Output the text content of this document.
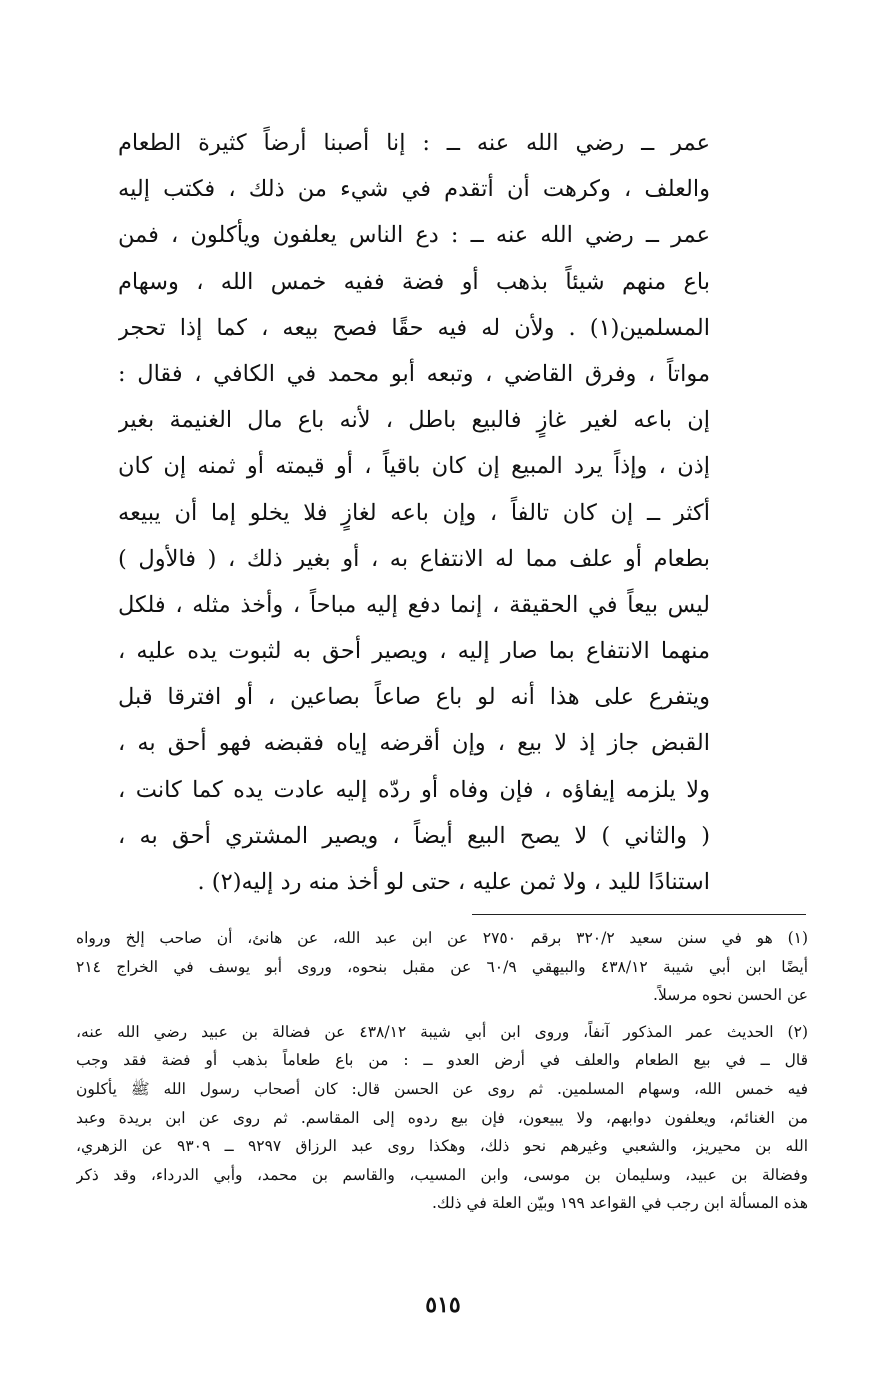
عمر ــ رضي الله عنه ــ : إنا أصبنا أرضاً كثيرة الطعام
والعلف ، وكرهت أن أتقدم في شيء من ذلك ، فكتب إليه
عمر ــ رضي الله عنه ــ : دع الناس يعلفون ويأكلون ، فمن
باع منهم شيئاً بذهب أو فضة ففيه خمس الله ، وسهام
المسلمين(١) . ولأن له فيه حقًا فصح بيعه ، كما إذا تحجر
مواتاً ، وفرق القاضي ، وتبعه أبو محمد في الكافي ، فقال :
إن باعه لغير غازٍ فالبيع باطل ، لأنه باع مال الغنيمة بغير
إذن ، وإذاً يرد المبيع إن كان باقياً ، أو قيمته أو ثمنه إن كان
أكثر ــ إن كان تالفاً ، وإن باعه لغازٍ فلا يخلو إما أن يبيعه
بطعام أو علف مما له الانتفاع به ، أو بغير ذلك ، ( فالأول )
ليس بيعاً في الحقيقة ، إنما دفع إليه مباحاً ، وأخذ مثله ، فلكل
منهما الانتفاع بما صار إليه ، ويصير أحق به لثبوت يده عليه ،
ويتفرع على هذا أنه لو باع صاعاً بصاعين ، أو افترقا قبل
القبض جاز إذ لا بيع ، وإن أقرضه إياه فقبضه فهو أحق به ،
ولا يلزمه إيفاؤه ، فإن وفاه أو ردّه إليه عادت يده كما كانت ،
( والثاني ) لا يصح البيع أيضاً ، ويصير المشتري أحق به ،
استنادًا لليد ، ولا ثمن عليه ، حتى لو أخذ منه رد إليه(٢) .
(١) هو في سنن سعيد ٣٢٠/٢ برقم ٢٧٥٠ عن ابن عبد الله، عن هانئ، أن صاحب إلخ ورواه
أيضًا ابن أبي شيبة ٤٣٨/١٢ والبيهقي ٦٠/٩ عن مقبل بنحوه، وروى أبو يوسف في الخراج ٢١٤
عن الحسن نحوه مرسلاً.
(٢) الحديث عمر المذكور آنفاً، وروى ابن أبي شيبة ٤٣٨/١٢ عن فضالة بن عبيد رضي الله عنه،
قال ــ في بيع الطعام والعلف في أرض العدو ــ : من باع طعاماً بذهب أو فضة فقد وجب
فيه خمس الله، وسهام المسلمين. ثم روى عن الحسن قال: كان أصحاب رسول الله ﷺ يأكلون
من الغنائم، ويعلفون دوابهم، ولا يبيعون، فإن بيع ردوه إلى المقاسم. ثم روى عن ابن بريدة وعبد
الله بن محيريز، والشعبي وغيرهم نحو ذلك، وهكذا روى عبد الرزاق ٩٢٩٧ ــ ٩٣٠٩ عن الزهري،
وفضالة بن عبيد، وسليمان بن موسى، وابن المسيب، والقاسم بن محمد، وأبي الدرداء، وقد ذكر
هذه المسألة ابن رجب في القواعد ١٩٩ وبيّن العلة في ذلك.
٥١٥
